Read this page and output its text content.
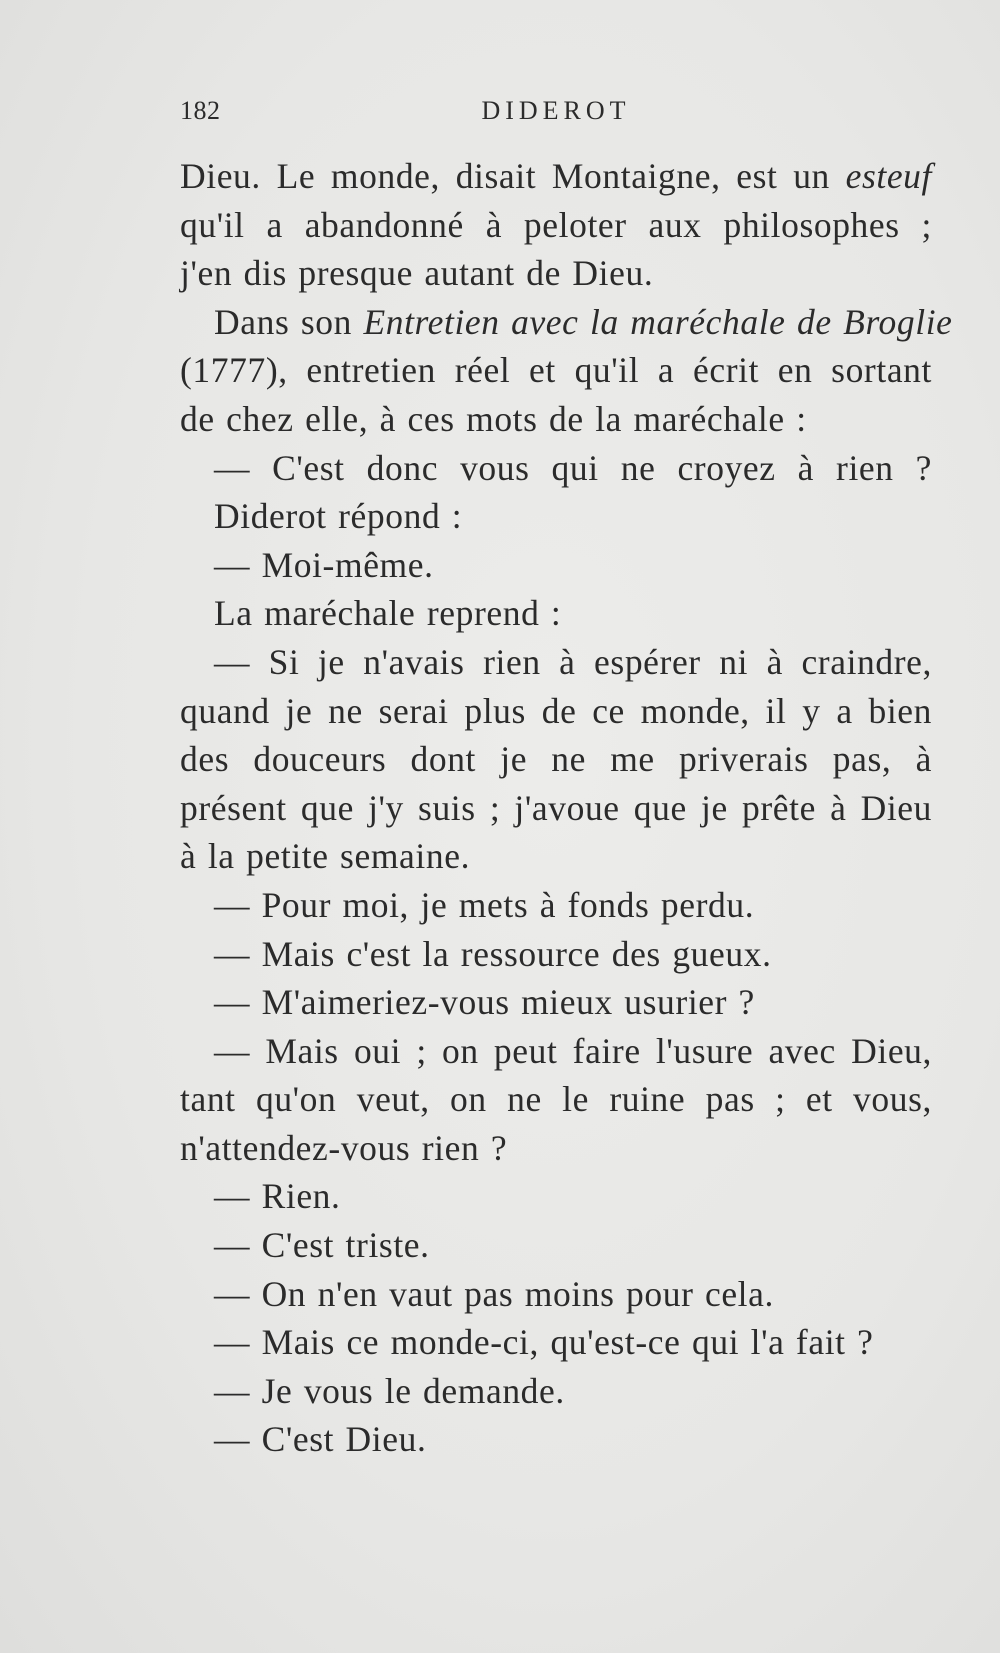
182	DIDEROT
Dieu. Le monde, disait Montaigne, est un esteuf
qu'il a abandonné à peloter aux philosophes ;
j'en dis presque autant de Dieu.
Dans son Entretien avec la maréchale de Broglie
(1777), entretien réel et qu'il a écrit en sortant
de chez elle, à ces mots de la maréchale :
— C'est donc vous qui ne croyez à rien ?
Diderot répond :
— Moi-même.
La maréchale reprend :
— Si je n'avais rien à espérer ni à craindre,
quand je ne serai plus de ce monde, il y a bien
des douceurs dont je ne me priverais pas, à
présent que j'y suis ; j'avoue que je prête à Dieu
à la petite semaine.
— Pour moi, je mets à fonds perdu.
— Mais c'est la ressource des gueux.
— M'aimeriez-vous mieux usurier ?
— Mais oui ; on peut faire l'usure avec Dieu,
tant qu'on veut, on ne le ruine pas ; et vous,
n'attendez-vous rien ?
— Rien.
— C'est triste.
— On n'en vaut pas moins pour cela.
— Mais ce monde-ci, qu'est-ce qui l'a fait ?
— Je vous le demande.
— C'est Dieu.
